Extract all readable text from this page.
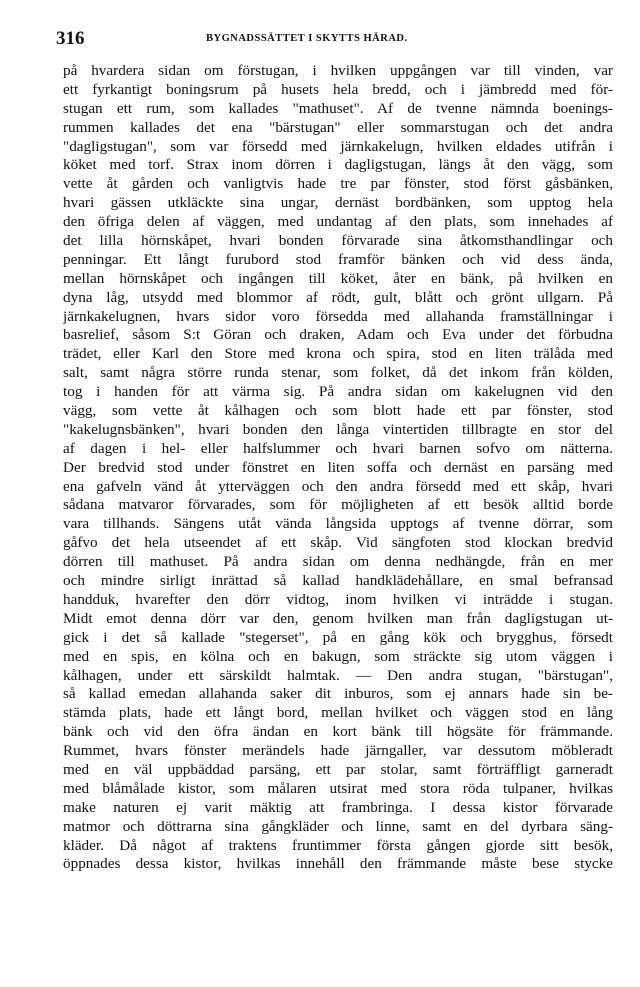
316	BYGNADSSÄTTET I SKYTTS HÄRAD.
på hvardera sidan om förstugan, i hvilken uppgången var till vinden, var
ett fyrkantigt boningsrum på husets hela bredd, och i jämbredd med för-
stugan ett rum, som kallades "mathuset". Af de tvenne nämnda boenings-
rummen kallades det ena "bärstugan" eller sommarstugan och det andra
"dagligstugan", som var försedd med järnkakelugn, hvilken eldades utifrån i
köket med torf. Strax inom dörren i dagligstugan, längs åt den vägg, som
vette åt gården och vanligtvis hade tre par fönster, stod först gåsbänken,
hvari gässen utkläckte sina ungar, dernäst bordbänken, som upptog hela
den öfriga delen af väggen, med undantag af den plats, som innehades af
det lilla hörnskåpet, hvari bonden förvarade sina åtkomsthandlingar och
penningar. Ett långt furubord stod framför bänken och vid dess ända,
mellan hörnskåpet och ingången till köket, åter en bänk, på hvilken en
dyna låg, utsydd med blommor af rödt, gult, blått och grönt ullgarn. På
järnkakelugnen, hvars sidor voro försedda med allahanda framställningar i
basrelief, såsom S:t Göran och draken, Adam och Eva under det förbudna
trädet, eller Karl den Store med krona och spira, stod en liten trälåda med
salt, samt några större runda stenar, som folket, då det inkom från kölden,
tog i handen för att värma sig. På andra sidan om kakelugnen vid den
vägg, som vette åt kålhagen och som blott hade ett par fönster, stod
"kakelugnsbänken", hvari bonden den långa vintertiden tillbragte en stor del
af dagen i hel- eller halfslummer och hvari barnen sofvo om nätterna.
Der bredvid stod under fönstret en liten soffa och dernäst en parsäng med
ena gafveln vänd åt ytterväggen och den andra försedd med ett skåp, hvari
sådana matvaror förvarades, som för möjligheten af ett besök alltid borde
vara tillhands. Sängens utåt vända långsida upptogs af tvenne dörrar, som
gåfvo det hela utseendet af ett skåp. Vid sängfoten stod klockan bredvid
dörren till mathuset. På andra sidan om denna nedhängde, från en mer
och mindre sirligt inrättad så kallad handklädehållare, en smal befransad
handduk, hvarefter den dörr vidtog, inom hvilken vi inträdde i stugan.
Midt emot denna dörr var den, genom hvilken man från dagligstugan ut-
gick i det så kallade "stegerset", på en gång kök och brygghus, försedt
med en spis, en kölna och en bakugn, som sträckte sig utom väggen i
kålhagen, under ett särskildt halmtak. — Den andra stugan, "bärstugan",
så kallad emedan allahanda saker dit inburos, som ej annars hade sin be-
stämda plats, hade ett långt bord, mellan hvilket och väggen stod en lång
bänk och vid den öfra ändan en kort bänk till högsäte för främmande.
Rummet, hvars fönster merändels hade järngaller, var dessutom möbleradt
med en väl uppbäddad parsäng, ett par stolar, samt förträffligt garneradt
med blåmålade kistor, som målaren utsirat med stora röda tulpaner, hvilkas
make naturen ej varit mäktig att frambringa. I dessa kistor förvarade
matmor och döttrarna sina gångkläder och linne, samt en del dyrbara säng-
kläder. Då något af traktens fruntimmer första gången gjorde sitt besök,
öppnades dessa kistor, hvilkas innehåll den främmande måste bese stycke
